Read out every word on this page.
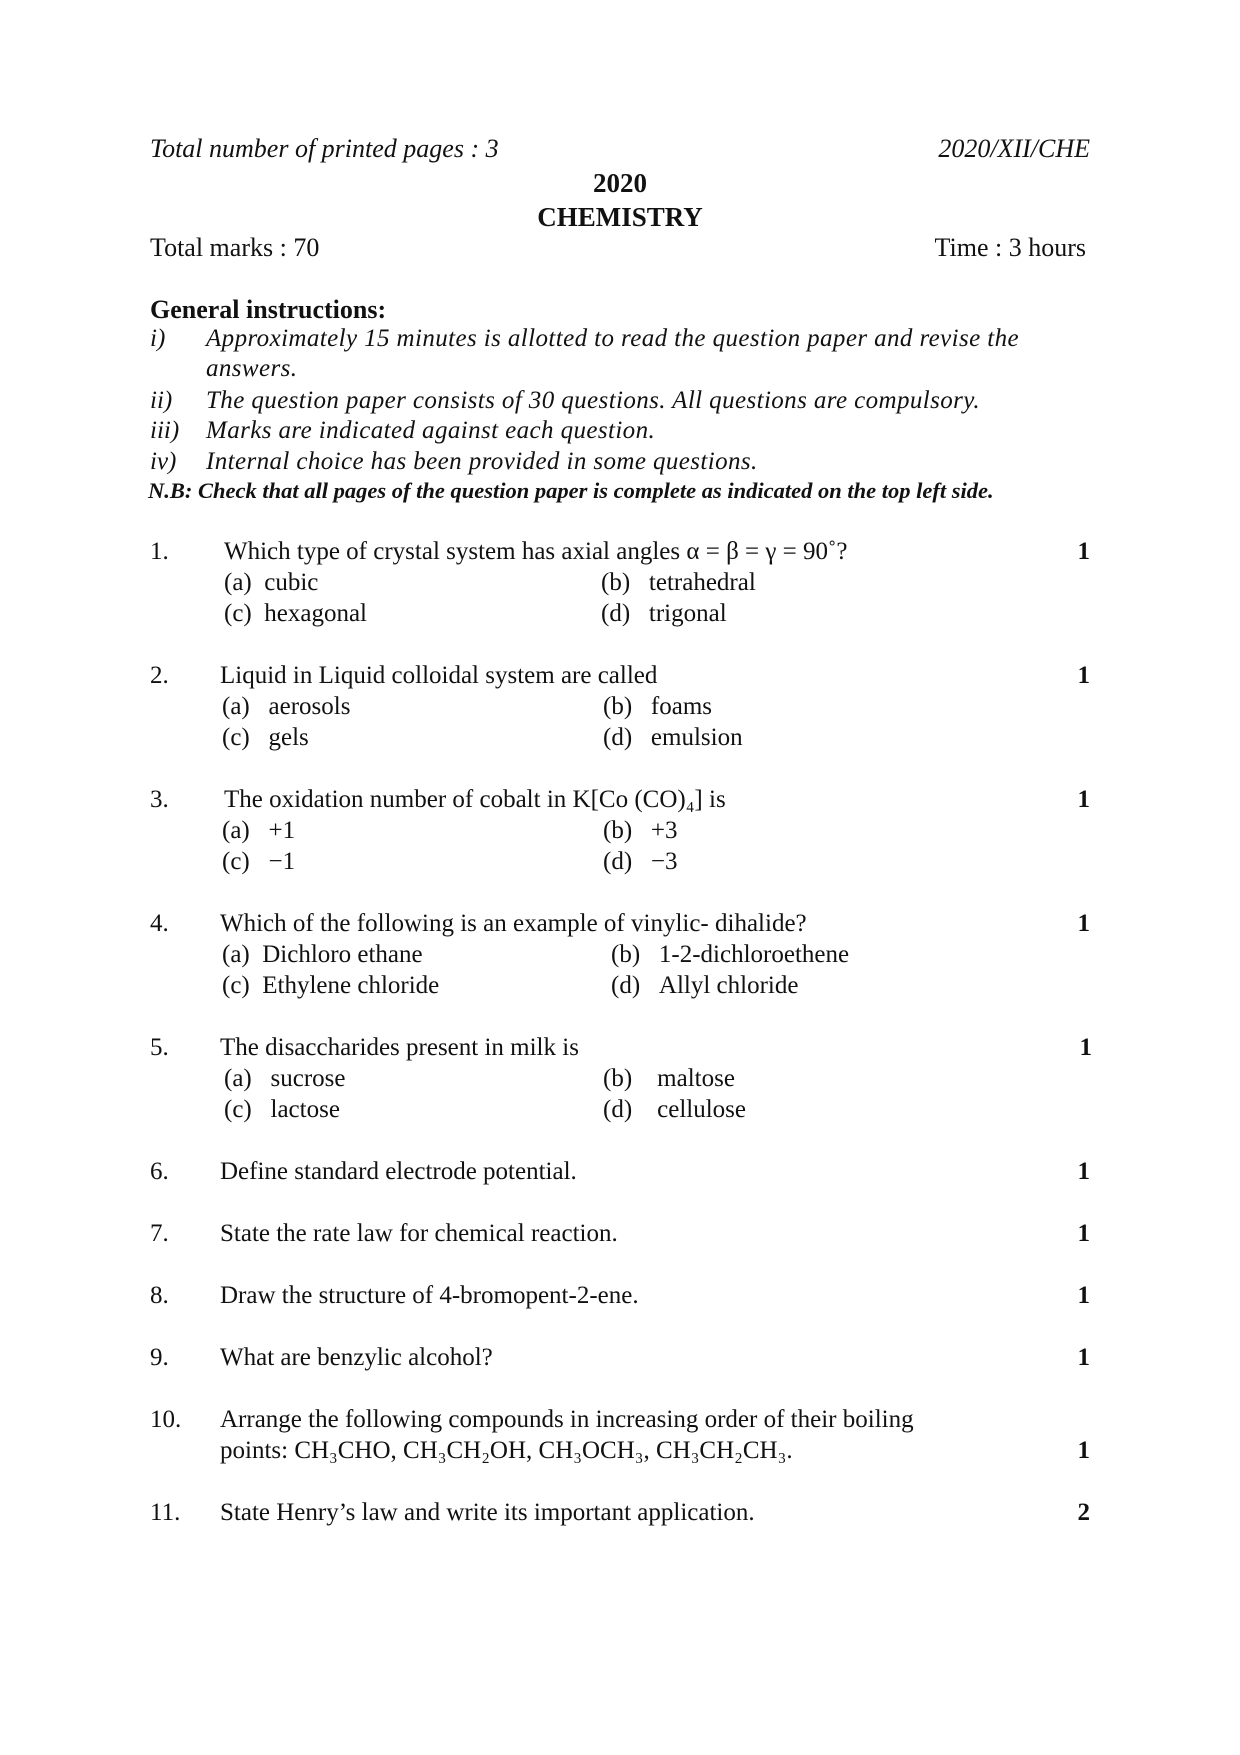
Total number of printed pages : 3	2020/XII/CHE
2020
CHEMISTRY
Total marks : 70	Time : 3 hours
General instructions:
i) Approximately 15 minutes is allotted to read the question paper and revise the
answers.
ii) The question paper consists of 30 questions. All questions are compulsory.
iii) Marks are indicated against each question.
iv) Internal choice has been provided in some questions.
N.B: Check that all pages of the question paper is complete as indicated on the top left side.
1. Which type of crystal system has axial angles α = β = γ = 90˚?	1
(a) cubic	(b) tetrahedral
(c) hexagonal	(d) trigonal
2. Liquid in Liquid colloidal system are called	1
(a) aerosols	(b) foams
(c) gels	(d) emulsion
3. The oxidation number of cobalt in K[Co (CO)₄] is	1
(a) +1	(b) +3
(c) −1	(d) −3
4. Which of the following is an example of vinylic- dihalide?	1
(a) Dichloro ethane	(b) 1-2-dichloroethene
(c) Ethylene chloride	(d) Allyl chloride
5. The disaccharides present in milk is	1
(a) sucrose	(b) maltose
(c) lactose	(d) cellulose
6. Define standard electrode potential.	1
7. State the rate law for chemical reaction.	1
8. Draw the structure of 4-bromopent-2-ene.	1
9. What are benzylic alcohol?	1
10. Arrange the following compounds in increasing order of their boiling
points: CH₃CHO, CH₃CH₂OH, CH₃OCH₃, CH₃CH₂CH₃.	1
11. State Henry’s law and write its important application.	2
